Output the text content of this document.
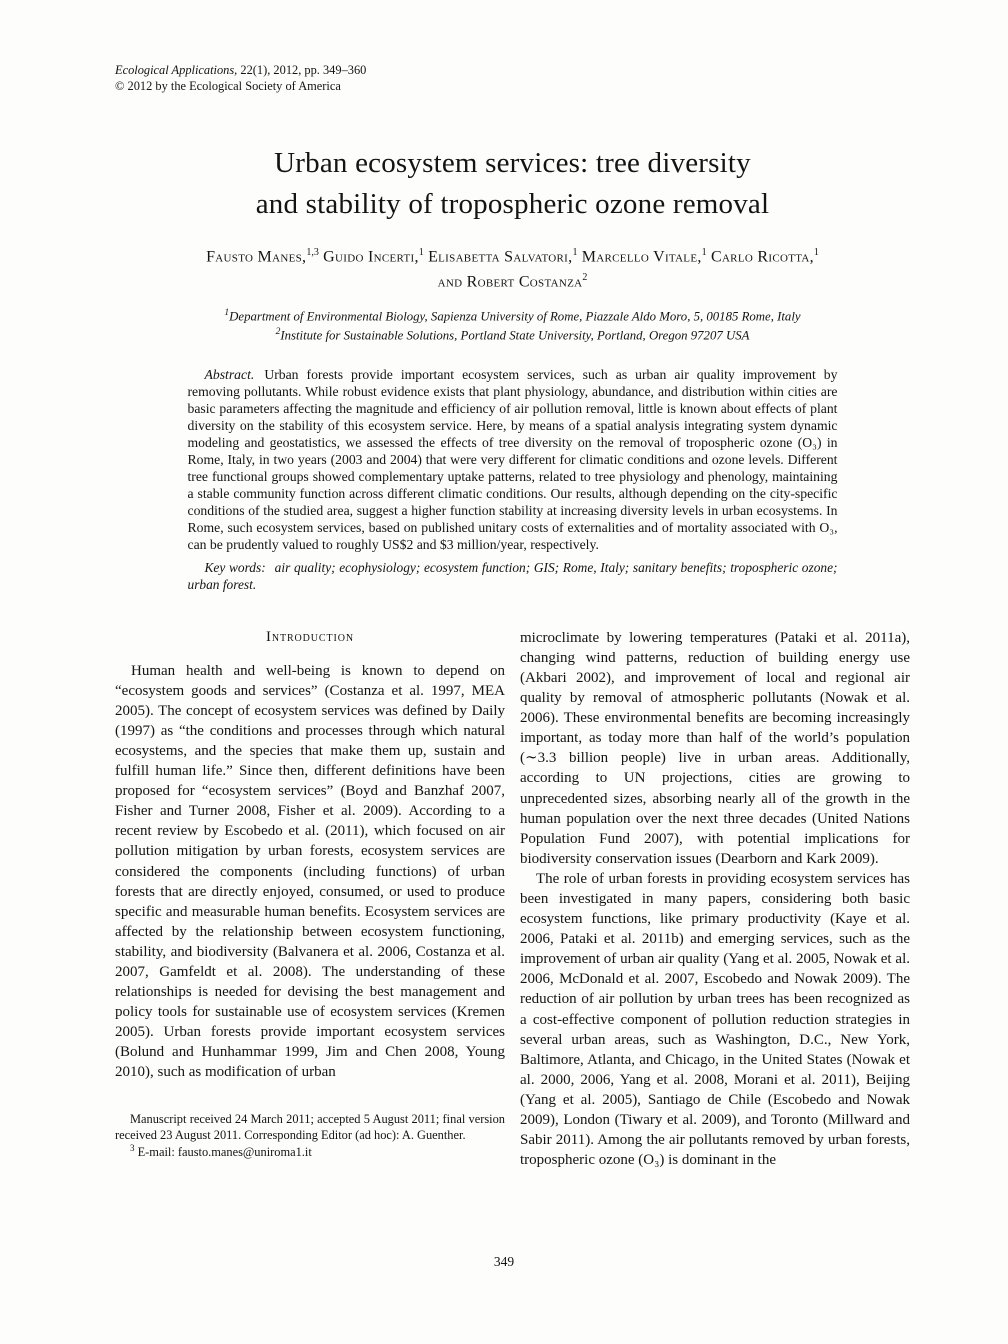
Ecological Applications, 22(1), 2012, pp. 349–360
© 2012 by the Ecological Society of America
Urban ecosystem services: tree diversity
and stability of tropospheric ozone removal
Fausto Manes,$^{1,3}$ Guido Incerti,$^1$ Elisabetta Salvatori,$^1$ Marcello Vitale,$^1$ Carlo Ricotta,$^1$
and Robert Costanza$^2$
$^1$Department of Environmental Biology, Sapienza University of Rome, Piazzale Aldo Moro, 5, 00185 Rome, Italy
$^2$Institute for Sustainable Solutions, Portland State University, Portland, Oregon 97207 USA

Abstract. Urban forests provide important ecosystem services, such as urban air quality improvement by removing pollutants. While robust evidence exists that plant physiology, abundance, and distribution within cities are basic parameters affecting the magnitude and efficiency of air pollution removal, little is known about effects of plant diversity on the stability of this ecosystem service. Here, by means of a spatial analysis integrating system dynamic modeling and geostatistics, we assessed the effects of tree diversity on the removal of tropospheric ozone (O₃) in Rome, Italy, in two years (2003 and 2004) that were very different for climatic conditions and ozone levels. Different tree functional groups showed complementary uptake patterns, related to tree physiology and phenology, maintaining a stable community function across different climatic conditions. Our results, although depending on the city-specific conditions of the studied area, suggest a higher function stability at increasing diversity levels in urban ecosystems. In Rome, such ecosystem services, based on published unitary costs of externalities and of mortality associated with O₃, can be prudently valued to roughly US$2 and $3 million/year, respectively.

Key words: air quality; ecophysiology; ecosystem function; GIS; Rome, Italy; sanitary benefits; tropospheric ozone; urban forest.

Introduction

Human health and well-being is known to depend on “ecosystem goods and services” (Costanza et al. 1997, MEA 2005). The concept of ecosystem services was defined by Daily (1997) as “the conditions and processes through which natural ecosystems, and the species that make them up, sustain and fulfill human life.” Since then, different definitions have been proposed for “ecosystem services” (Boyd and Banzhaf 2007, Fisher and Turner 2008, Fisher et al. 2009). According to a recent review by Escobedo et al. (2011), which focused on air pollution mitigation by urban forests, ecosystem services are considered the components (including functions) of urban forests that are directly enjoyed, consumed, or used to produce specific and measurable human benefits. Ecosystem services are affected by the relationship between ecosystem functioning, stability, and biodiversity (Balvanera et al. 2006, Costanza et al. 2007, Gamfeldt et al. 2008). The understanding of these relationships is needed for devising the best management and policy tools for sustainable use of ecosystem services (Kremen 2005). Urban forests provide important ecosystem services (Bolund and Hunhammar 1999, Jim and Chen 2008, Young 2010), such as modification of urban

Manuscript received 24 March 2011; accepted 5 August 2011; final version received 23 August 2011. Corresponding Editor (ad hoc): A. Guenther.

$^3$ E-mail: fausto.manes@uniroma1.it

microclimate by lowering temperatures (Pataki et al. 2011a), changing wind patterns, reduction of building energy use (Akbari 2002), and improvement of local and regional air quality by removal of atmospheric pollutants (Nowak et al. 2006). These environmental benefits are becoming increasingly important, as today more than half of the world’s population (∼3.3 billion people) live in urban areas. Additionally, according to UN projections, cities are growing to unprecedented sizes, absorbing nearly all of the growth in the human population over the next three decades (United Nations Population Fund 2007), with potential implications for biodiversity conservation issues (Dearborn and Kark 2009).

The role of urban forests in providing ecosystem services has been investigated in many papers, considering both basic ecosystem functions, like primary productivity (Kaye et al. 2006, Pataki et al. 2011b) and emerging services, such as the improvement of urban air quality (Yang et al. 2005, Nowak et al. 2006, McDonald et al. 2007, Escobedo and Nowak 2009). The reduction of air pollution by urban trees has been recognized as a cost-effective component of pollution reduction strategies in several urban areas, such as Washington, D.C., New York, Baltimore, Atlanta, and Chicago, in the United States (Nowak et al. 2000, 2006, Yang et al. 2008, Morani et al. 2011), Beijing (Yang et al. 2005), Santiago de Chile (Escobedo and Nowak 2009), London (Tiwary et al. 2009), and Toronto (Millward and Sabir 2011). Among the air pollutants removed by urban forests, tropospheric ozone (O₃) is dominant in the

349
